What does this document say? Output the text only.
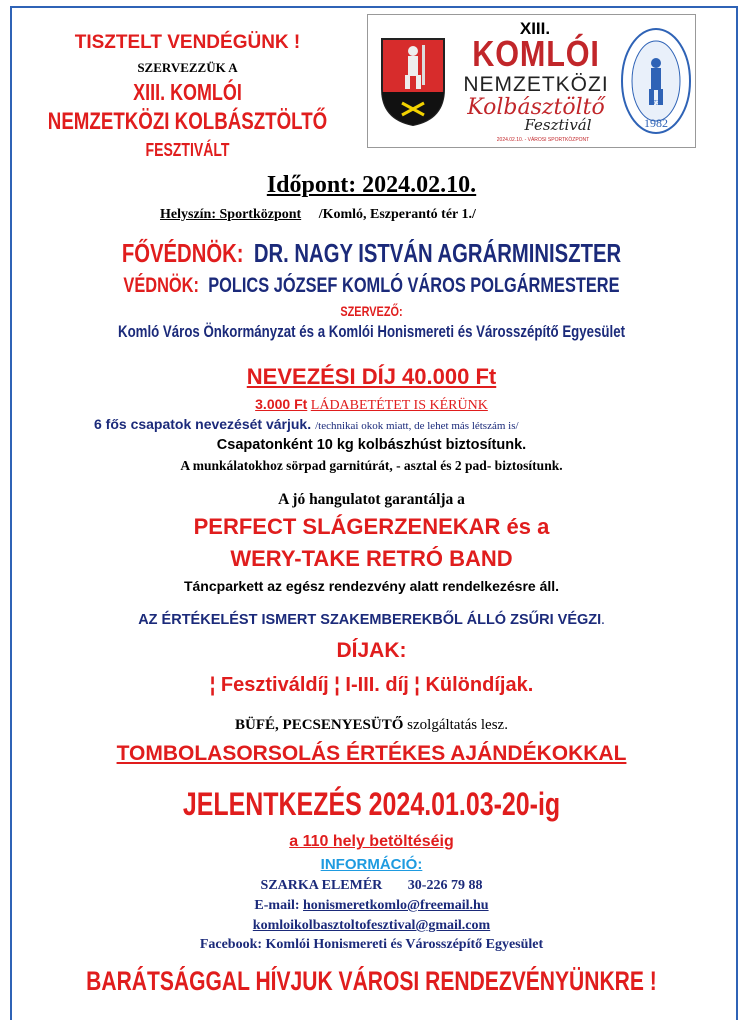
TISZTELT VENDÉGÜNK !
SZERVEZZÜK A
XIII. KOMLÓI
NEMZETKÖZI KOLBÁSZTÖLTŐ
FESZTIVÁLT
XIII.
KOMLÓI
NEMZETKÖZI
Kolbásztöltő
Fesztivál
2024.02.10. - VÁROSI SPORTKÖZPONT
1736
1982
Időpont: 2024.02.10.
Helyszín: Sportközpont /Komló, Eszperantó tér 1./
FŐVÉDNÖK: DR. NAGY ISTVÁN AGRÁRMINISZTER
VÉDNÖK: POLICS JÓZSEF KOMLÓ VÁROS POLGÁRMESTERE
SZERVEZŐ:
Komló Város Önkormányzat és a Komlói Honismereti és Városszépítő Egyesület
NEVEZÉSI DÍJ 40.000 Ft
3.000 Ft LÁDABETÉTET IS KÉRÜNK
6 fős csapatok nevezését várjuk. /technikai okok miatt, de lehet más létszám is/
Csapatonként 10 kg kolbászhúst biztosítunk.
A munkálatokhoz sörpad garnitúrát, - asztal és 2 pad- biztosítunk.
A jó hangulatot garantálja a
PERFECT SLÁGERZENEKAR és a
WERY-TAKE RETRÓ BAND
Táncparkett az egész rendezvény alatt rendelkezésre áll.
AZ ÉRTÉKELÉST ISMERT SZAKEMBEREKBŐL ÁLLÓ ZSŰRI VÉGZI.
DÍJAK:
¦ Fesztiváldíj ¦ I-III. díj ¦ Különdíjak.
BÜFÉ, PECSENYESÜTŐ szolgáltatás lesz.
TOMBOLASORSOLÁS ÉRTÉKES AJÁNDÉKOKKAL
JELENTKEZÉS 2024.01.03-20-ig
a 110 hely betöltéséig
INFORMÁCIÓ:
SZARKA ELEMÉR 30-226 79 88
E-mail: honismeretkomlo@freemail.hu
komloikolbasztoltofesztival@gmail.com
Facebook: Komlói Honismereti és Városszépítő Egyesület
BARÁTSÁGGAL HÍVJUK VÁROSI RENDEZVÉNYÜNKRE !
